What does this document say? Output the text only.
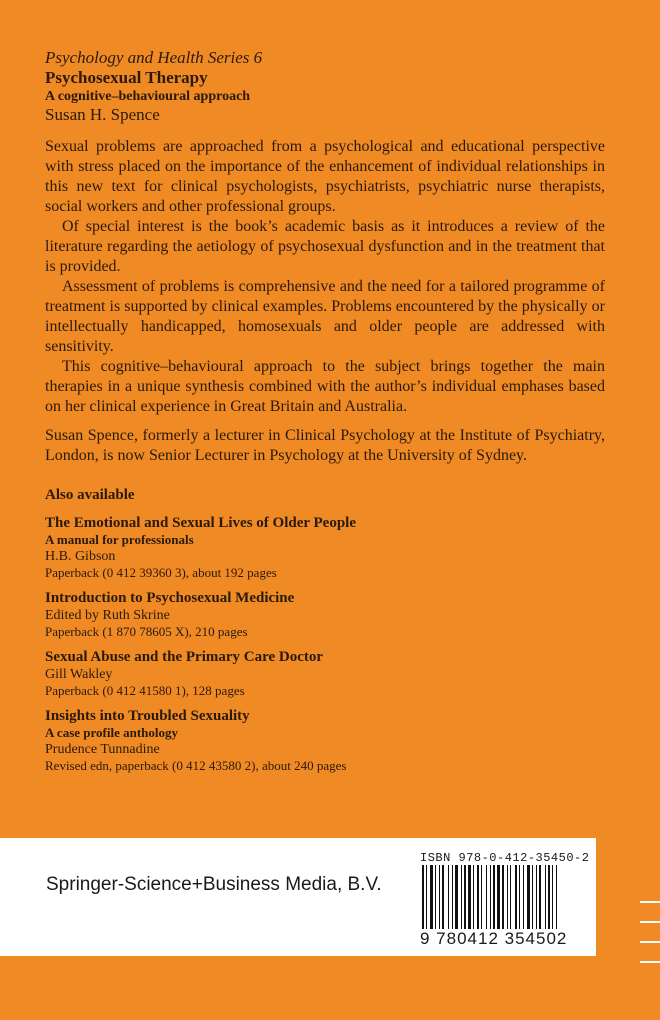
Psychology and Health Series 6
Psychosexual Therapy
A cognitive–behavioural approach
Susan H. Spence

Sexual problems are approached from a psychological and educational perspective with stress placed on the importance of the enhancement of individual relationships in this new text for clinical psychologists, psychiatrists, psychiatric nurse therapists, social workers and other professional groups.

Of special interest is the book’s academic basis as it introduces a review of the literature regarding the aetiology of psychosexual dysfunction and in the treatment that is provided.

Assessment of problems is comprehensive and the need for a tailored programme of treatment is supported by clinical examples. Problems encountered by the physically or intellectually handicapped, homosexuals and older people are addressed with sensitivity.

This cognitive–behavioural approach to the subject brings together the main therapies in a unique synthesis combined with the author’s individual emphases based on her clinical experience in Great Britain and Australia.

Susan Spence, formerly a lecturer in Clinical Psychology at the Institute of Psychiatry, London, is now Senior Lecturer in Psychology at the University of Sydney.

Also available
The Emotional and Sexual Lives of Older People
A manual for professionals
H.B. Gibson
Paperback (0 412 39360 3), about 192 pages
Introduction to Psychosexual Medicine
Edited by Ruth Skrine
Paperback (1 870 78605 X), 210 pages
Sexual Abuse and the Primary Care Doctor
Gill Wakley
Paperback (0 412 41580 1), 128 pages
Insights into Troubled Sexuality
A case profile anthology
Prudence Tunnadine
Revised edn, paperback (0 412 43580 2), about 240 pages
Springer-Science+Business Media, B.V.
ISBN 978-0-412-35450-2
9 780412 354502
